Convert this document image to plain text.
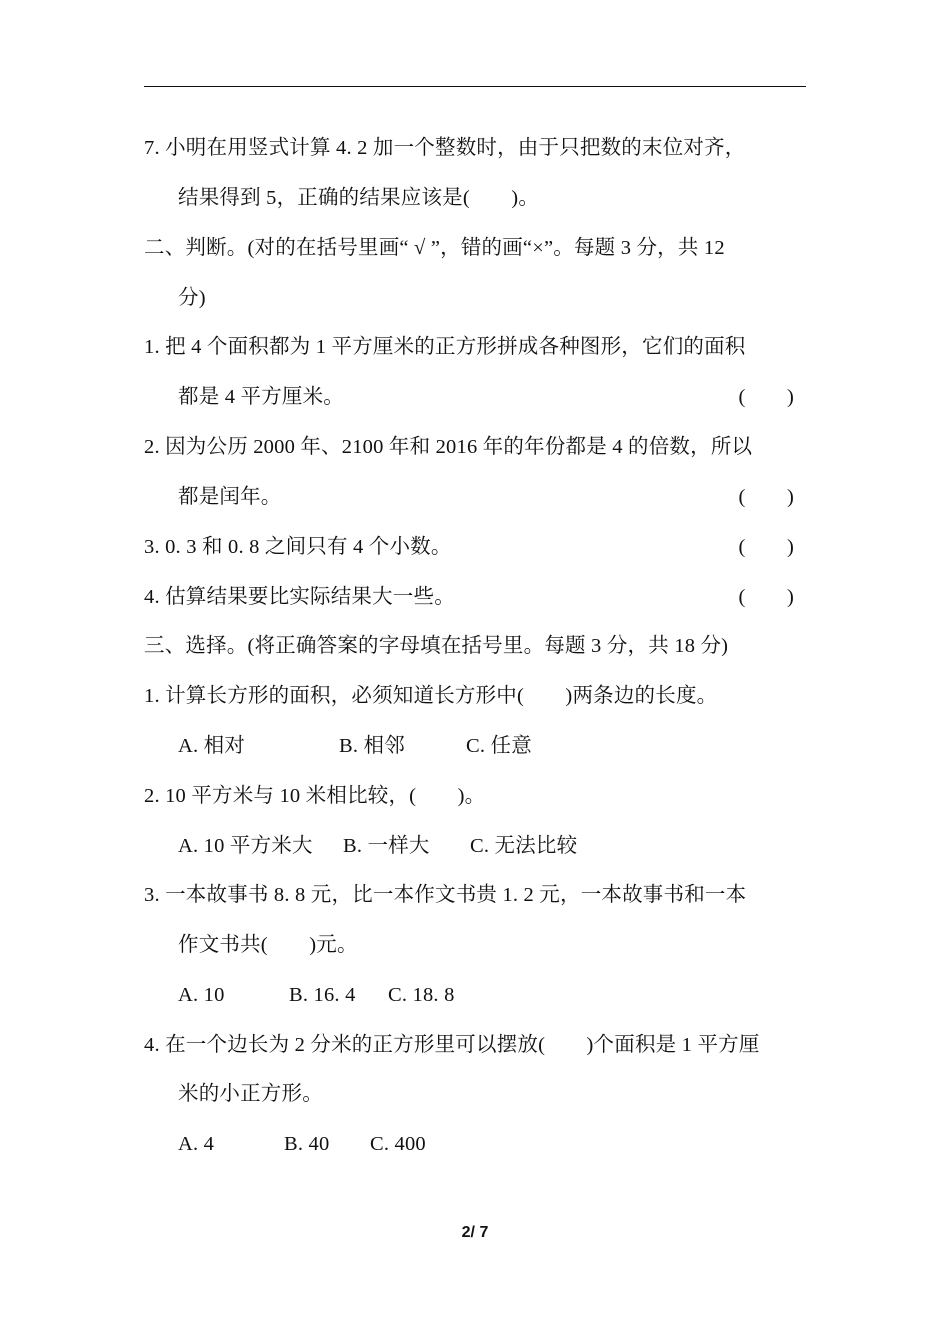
7. 小明在用竖式计算 4. 2 加一个整数时，由于只把数的末位对齐，
结果得到 5，正确的结果应该是(　　)。
二、判断。(对的在括号里画“ √ ”，错的画“×”。每题 3 分，共 12
分)
1. 把 4 个面积都为 1 平方厘米的正方形拼成各种图形，它们的面积
都是 4 平方厘米。	(　　)
2. 因为公历 2000 年、2100 年和 2016 年的年份都是 4 的倍数，所以
都是闰年。	(　　)
3. 0. 3 和 0. 8 之间只有 4 个小数。	(　　)
4. 估算结果要比实际结果大一些。	(　　)
三、选择。(将正确答案的字母填在括号里。每题 3 分，共 18 分)
1. 计算长方形的面积，必须知道长方形中(　　)两条边的长度。
A. 相对	B. 相邻	C. 任意
2. 10 平方米与 10 米相比较，(　　)。
A. 10 平方米大 B. 一样大 C. 无法比较
3. 一本故事书 8. 8 元，比一本作文书贵 1. 2 元，一本故事书和一本
作文书共(　　)元。
A. 10	B. 16. 4 C. 18. 8
4. 在一个边长为 2 分米的正方形里可以摆放(　　)个面积是 1 平方厘
米的小正方形。
A. 4	B. 40 C. 400
2/ 7
